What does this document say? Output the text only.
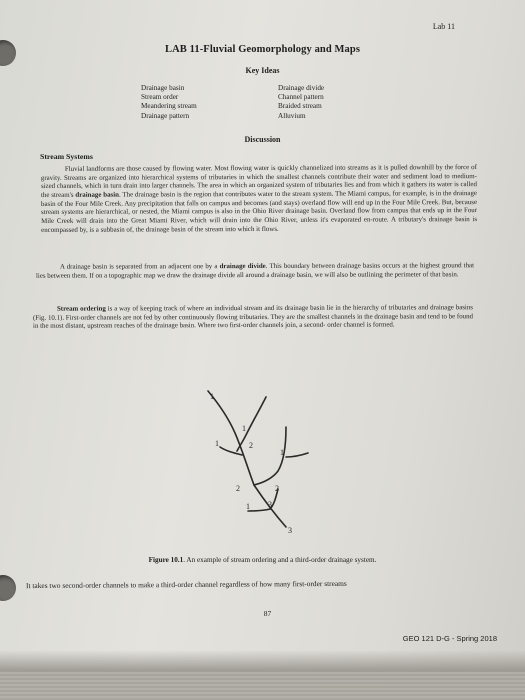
Lab 11
LAB 11-Fluvial Geomorphology and Maps
Key Ideas
Drainage basin
Stream order
Meandering stream
Drainage pattern
Drainage divide
Channel pattern
Braided stream
Alluvium
Discussion
Stream Systems

Fluvial landforms are those caused by flowing water. Most flowing water is quickly channelized into streams as it is pulled downhill by the force of gravity. Streams are organized into hierarchical systems of tributaries in which the smallest channels contribute their water and sediment load to medium-sized channels, which in turn drain into larger channels. The area in which an organized system of tributaries lies and from which it gathers its water is called the stream's drainage basin. The drainage basin is the region that contributes water to the stream system. The Miami campus, for example, is in the drainage basin of the Four Mile Creek. Any precipitation that falls on campus and becomes (and stays) overland flow will end up in the Four Mile Creek. But, because stream systems are hierarchical, or nested, the Miami campus is also in the Ohio River drainage basin. Overland flow from campus that ends up in the Four Mile Creek will drain into the Great Miami River, which will drain into the Ohio River, unless it's evaporated en-route. A tributary's drainage basin is encompassed by, is a subbasin of, the drainage basin of the stream into which it flows.

A drainage basin is separated from an adjacent one by a drainage divide. This boundary between drainage basins occurs at the highest ground that lies between them. If on a topographic map we draw the drainage divide all around a drainage basin, we will also be outlining the perimeter of that basin.

Stream ordering is a way of keeping track of where an individual stream and its drainage basin lie in the hierarchy of tributaries and drainage basins (Fig. 10.1). First-order channels are not fed by other continuously flowing tributaries. They are the smallest channels in the drainage basin and tend to be found in the most distant, upstream reaches of the drainage basin. Where two first-order channels join, a second- order channel is formed.

1
1
1	2
1
2	2
1 3
3
Figure 10.1. An example of stream ordering and a third-order drainage system.
It takes two second-order channels to make a third-order channel regardless of how many first-order streams
87
GEO 121 D-G - Spring 2018
